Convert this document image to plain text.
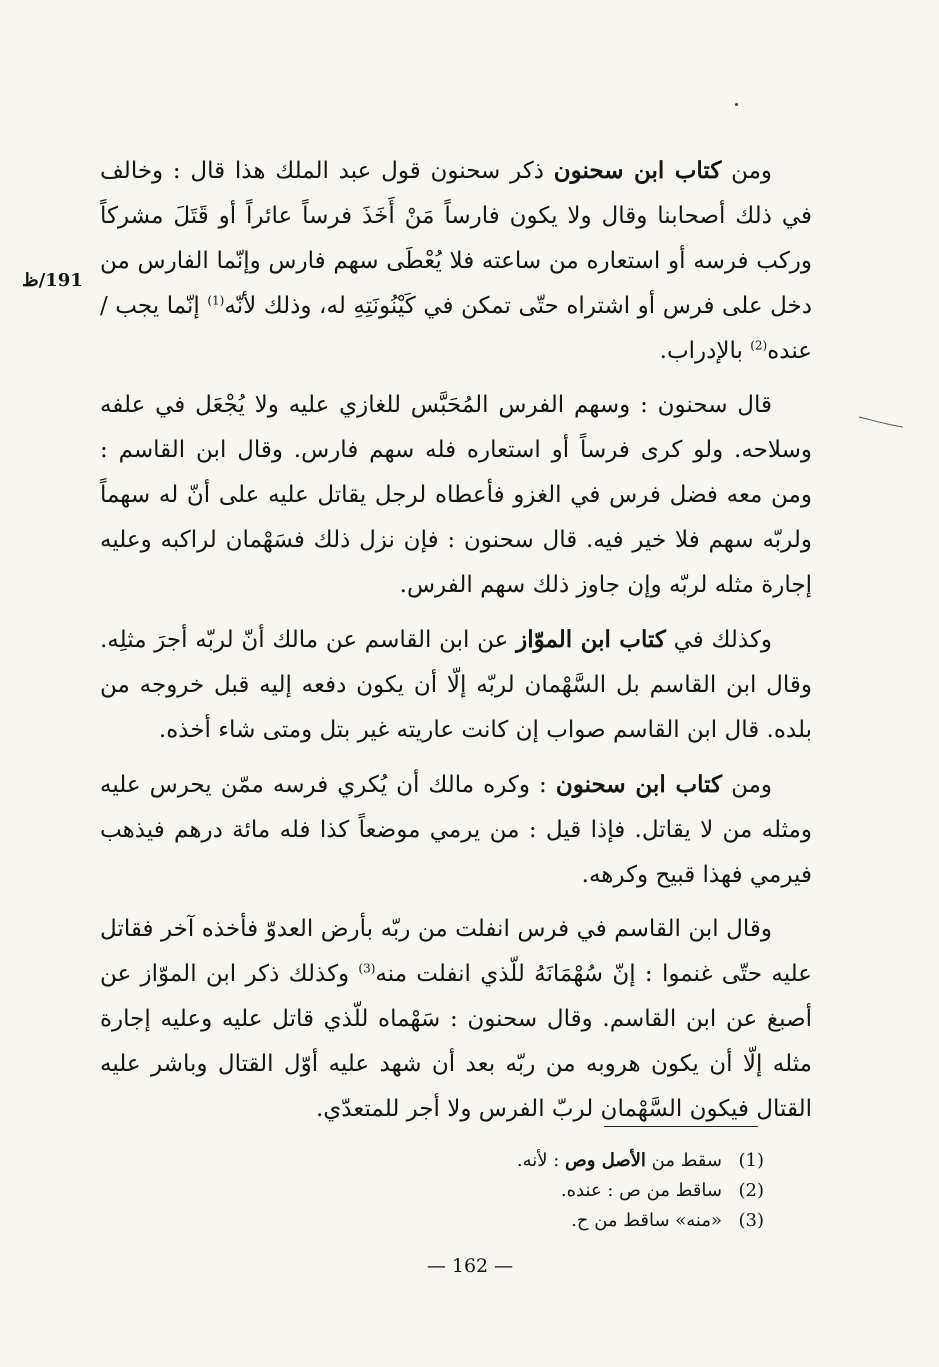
191/ظ

ومن كتاب ابن سحنون ذكر سحنون قول عبد الملك هذا قال : وخالف في ذلك أصحابنا وقال ولا يكون فارساً مَنْ أَخَذَ فرساً عائراً أو قَتَلَ مشركاً وركب فرسه أو استعاره من ساعته فلا يُعْطَى سهم فارس وإنّما الفارس من دخل على فرس أو اشتراه حتّى تمكن في كَيْنُونَتِهِ له، وذلك لأنّه$^{(1)}$ إنّما يجب / عنده$^{(2)}$ بالإدراب.

قال سحنون : وسهم الفرس المُحَبَّس للغازي عليه ولا يُجْعَل في علفه وسلاحه. ولو كرى فرساً أو استعاره فله سهم فارس. وقال ابن القاسم : ومن معه فضل فرس في الغزو فأعطاه لرجل يقاتل عليه على أنّ له سهماً ولربّه سهم فلا خير فيه. قال سحنون : فإن نزل ذلك فسَهْمان لراكبه وعليه إجارة مثله لربّه وإن جاوز ذلك سهم الفرس.

وكذلك في كتاب ابن الموّاز عن ابن القاسم عن مالك أنّ لربّه أجرَ مثلِه. وقال ابن القاسم بل السَّهْمان لربّه إلّا أن يكون دفعه إليه قبل خروجه من بلده. قال ابن القاسم صواب إن كانت عاريته غير بتل ومتى شاء أخذه.

ومن كتاب ابن سحنون : وكره مالك أن يُكري فرسه ممّن يحرس عليه ومثله من لا يقاتل. فإذا قيل : من يرمي موضعاً كذا فله مائة درهم فيذهب فيرمي فهذا قبيح وكرهه.

وقال ابن القاسم في فرس انفلت من ربّه بأرض العدوّ فأخذه آخر فقاتل عليه حتّى غنموا : إنّ سُهْمَانَهُ للّذي انفلت منه$^{(3)}$ وكذلك ذكر ابن الموّاز عن أصبغ عن ابن القاسم. وقال سحنون : سَهْماه للّذي قاتل عليه وعليه إجارة مثله إلّا أن يكون هروبه من ربّه بعد أن شهد عليه أوّل القتال وباشر عليه القتال فيكون السَّهْمان لربّ الفرس ولا أجر للمتعدّي.

(1)
سقط من الأصل وص : لأنه.
(2)
ساقط من ص : عنده.
(3)
«منه» ساقط من ح.
— 162 —
